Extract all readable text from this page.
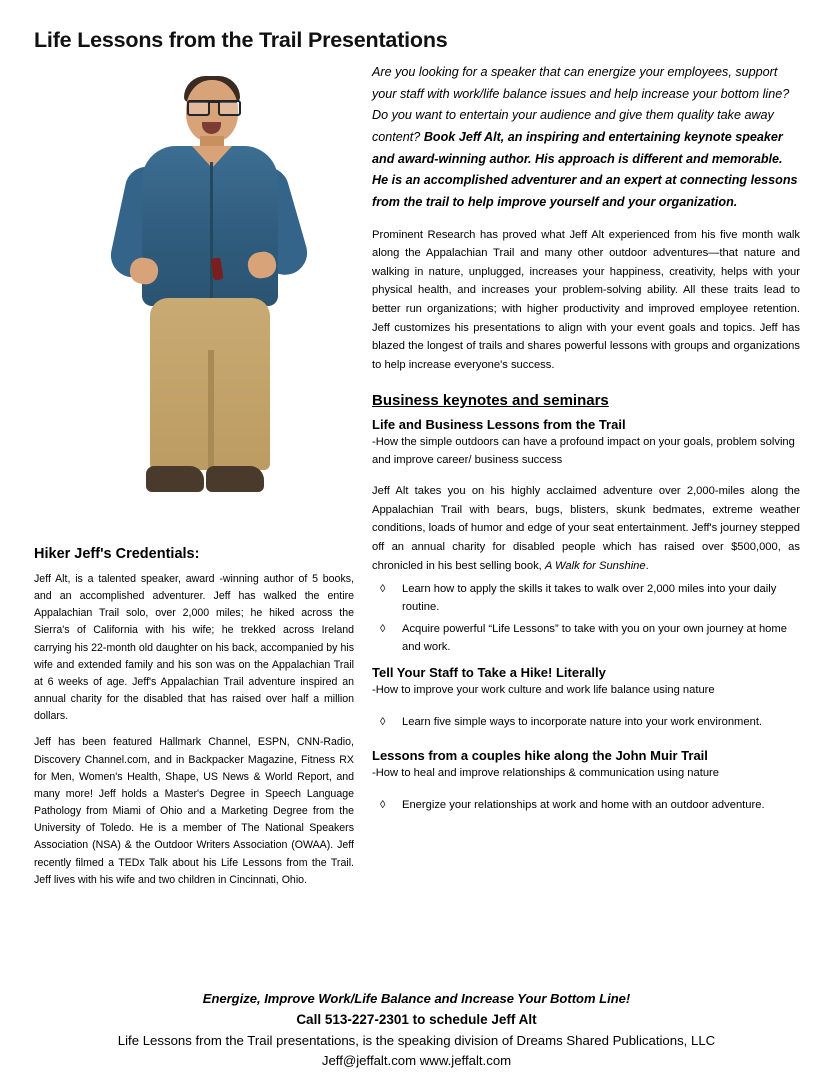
Life Lessons from the Trail Presentations
Hiker Jeff's Credentials:
Jeff Alt, is a talented speaker, award -winning author of 5 books, and an accomplished adventurer. Jeff has walked the entire Appalachian Trail solo, over 2,000 miles; he hiked across the Sierra's of California with his wife; he trekked across Ireland carrying his 22-month old daughter on his back, accompanied by his wife and extended family and his son was on the Appalachian Trail at 6 weeks of age. Jeff's Appalachian Trail adventure inspired an annual charity for the disabled that has raised over half a million dollars.
Jeff has been featured Hallmark Channel, ESPN, CNN-Radio, Discovery Channel.com, and in Backpacker Magazine, Fitness RX for Men, Women's Health, Shape, US News & World Report, and many more! Jeff holds a Master's Degree in Speech Language Pathology from Miami of Ohio and a Marketing Degree from the University of Toledo. He is a member of The National Speakers Association (NSA) & the Outdoor Writers Association (OWAA). Jeff recently filmed a TEDx Talk about his Life Lessons from the Trail. Jeff lives with his wife and two children in Cincinnati, Ohio.

Are you looking for a speaker that can energize your employees, support your staff with work/life balance issues and help increase your bottom line? Do you want to entertain your audience and give them quality take away content? Book Jeff Alt, an inspiring and entertaining keynote speaker and award-winning author. His approach is different and memorable. He is an accomplished adventurer and an expert at connecting lessons from the trail to help improve yourself and your organization.

Prominent Research has proved what Jeff Alt experienced from his five month walk along the Appalachian Trail and many other outdoor adventures—that nature and walking in nature, unplugged, increases your happiness, creativity, helps with your physical health, and increases your problem-solving ability. All these traits lead to better run organizations; with higher productivity and improved employee retention. Jeff customizes his presentations to align with your event goals and topics. Jeff has blazed the longest of trails and shares powerful lessons with groups and organizations to help increase everyone's success.
Business keynotes and seminars
Life and Business Lessons from the Trail
-How the simple outdoors can have a profound impact on your goals, problem solving and improve career/ business success
Jeff Alt takes you on his highly acclaimed adventure over 2,000-miles along the Appalachian Trail with bears, bugs, blisters, skunk bedmates, extreme weather conditions, loads of humor and edge of your seat entertainment. Jeff's journey stepped off an annual charity for disabled people which has raised over $500,000, as chronicled in his best selling book, A Walk for Sunshine.
◊ Learn how to apply the skills it takes to walk over 2,000 miles into your daily routine.
◊ Acquire powerful “Life Lessons” to take with you on your own journey at home and work.
Tell Your Staff to Take a Hike! Literally
-How to improve your work culture and work life balance using nature
◊ Learn five simple ways to incorporate nature into your work environment.
Lessons from a couples hike along the John Muir Trail
-How to heal and improve relationships & communication using nature
◊ Energize your relationships at work and home with an outdoor adventure.
Energize, Improve Work/Life Balance and Increase Your Bottom Line!
Call 513-227-2301 to schedule Jeff Alt
Life Lessons from the Trail presentations, is the speaking division of Dreams Shared Publications, LLC
Jeff@jeffalt.com www.jeffalt.com
